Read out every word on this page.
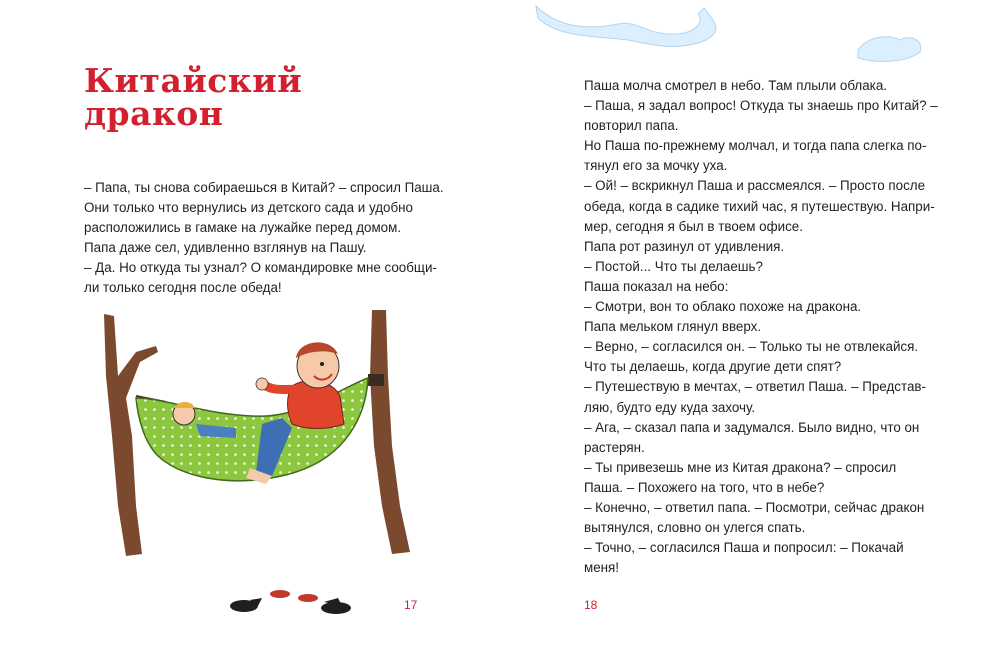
Китайский
дракон

– Папа, ты снова собираешься в Китай? – спросил Паша.

Они только что вернулись из детского сада и удобно

расположились в гамаке на лужайке перед домом.

Папа даже сел, удивленно взглянув на Пашу.

– Да. Но откуда ты узнал? О командировке мне сообщи-

ли только сегодня после обеда!

17

Паша молча смотрел в небо. Там плыли облака.

– Паша, я задал вопрос! Откуда ты знаешь про Китай? –

повторил папа.

Но Паша по-прежнему молчал, и тогда папа слегка по-

тянул его за мочку уха.

– Ой! – вскрикнул Паша и рассмеялся. – Просто после

обеда, когда в садике тихий час, я путешествую. Напри-

мер, сегодня я был в твоем офисе.

Папа рот разинул от удивления.

– Постой... Что ты делаешь?

Паша показал на небо:

– Смотри, вон то облако похоже на дракона.

Папа мельком глянул вверх.

– Верно, – согласился он. – Только ты не отвлекайся.

Что ты делаешь, когда другие дети спят?

– Путешествую в мечтах, – ответил Паша. – Представ-

ляю, будто еду куда захочу.

– Ага, – сказал папа и задумался. Было видно, что он

растерян.

– Ты привезешь мне из Китая дракона? – спросил

Паша. – Похожего на того, что в небе?

– Конечно, – ответил папа. – Посмотри, сейчас дракон

вытянулся, словно он улегся спать.

– Точно, – согласился Паша и попросил: – Покачай

меня!

18
